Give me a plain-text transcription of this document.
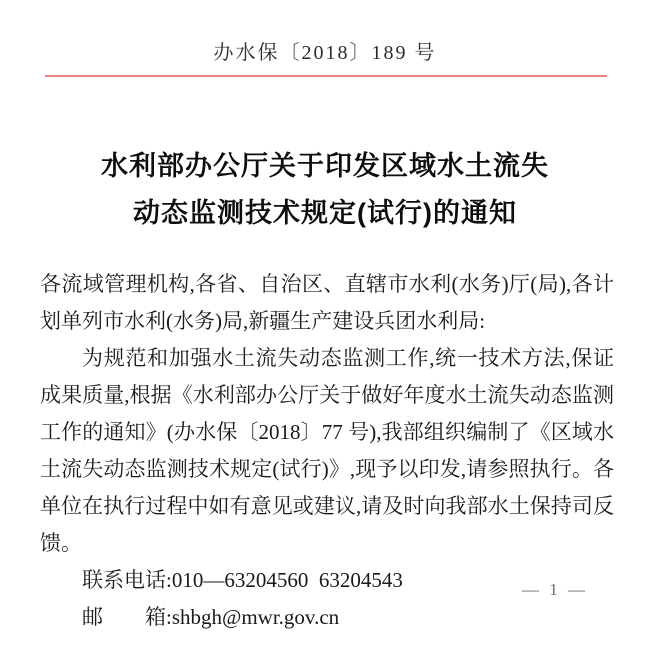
办水保〔2018〕189 号
水利部办公厅关于印发区域水土流失
动态监测技术规定(试行)的通知

各流域管理机构,各省、自治区、直辖市水利(水务)厅(局),各计划单列市水利(水务)局,新疆生产建设兵团水利局:

为规范和加强水土流失动态监测工作,统一技术方法,保证成果质量,根据《水利部办公厅关于做好年度水土流失动态监测工作的通知》(办水保〔2018〕77 号),我部组织编制了《区域水土流失动态监测技术规定(试行)》,现予以印发,请参照执行。各单位在执行过程中如有意见或建议,请及时向我部水土保持司反馈。

联系电话:010—63204560  63204543

邮　　箱:shbgh@mwr.gov.cn

— 1 —
